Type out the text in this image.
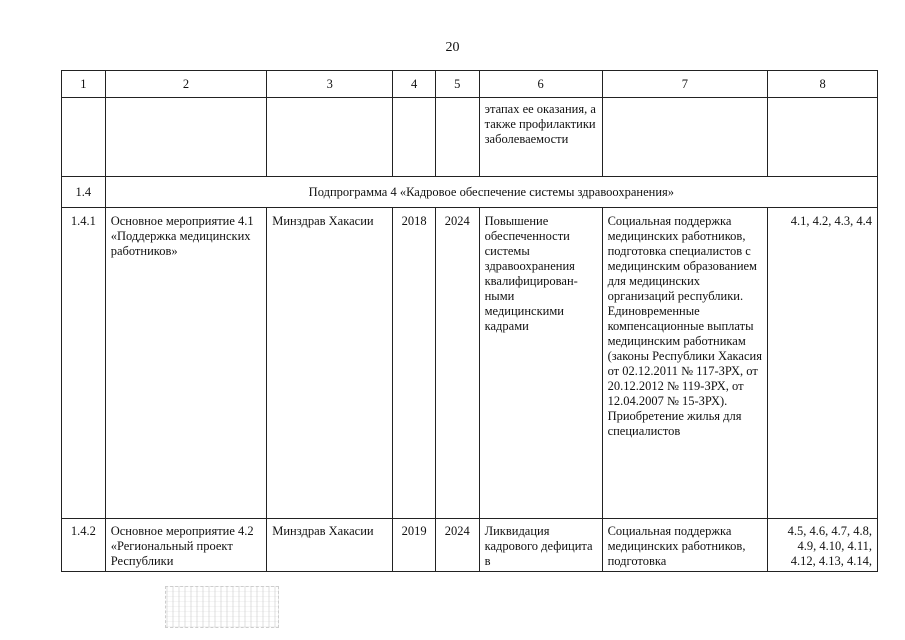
20
1	2	3	4	5	6	7	8
					этапах ее оказания, а также профилактики заболеваемости		
1.4	Подпрограмма 4 «Кадровое обеспечение системы здравоохранения»						
1.4.1	Основное мероприятие 4.1 «Поддержка медицинских работников»	Минздрав Хакасии	2018	2024	Повышение обеспеченности системы здравоохранения квалифицирован-ными медицинскими кадрами	Социальная поддержка медицинских работников, подготовка специалистов с медицинским образованием для медицинских организаций республики. Единовременные компенсационные выплаты медицинским работникам (законы Республики Хакасия от 02.12.2011 № 117-ЗРХ, от 20.12.2012 № 119-ЗРХ, от 12.04.2007 № 15-ЗРХ). Приобретение жилья для специалистов	4.1, 4.2, 4.3, 4.4
1.4.2	Основное мероприятие 4.2 «Региональный проект Республики	Минздрав Хакасии	2019	2024	Ликвидация кадрового дефицита в	Социальная поддержка медицинских работников, подготовка	4.5, 4.6, 4.7, 4.8, 4.9, 4.10, 4.11, 4.12, 4.13, 4.14,
